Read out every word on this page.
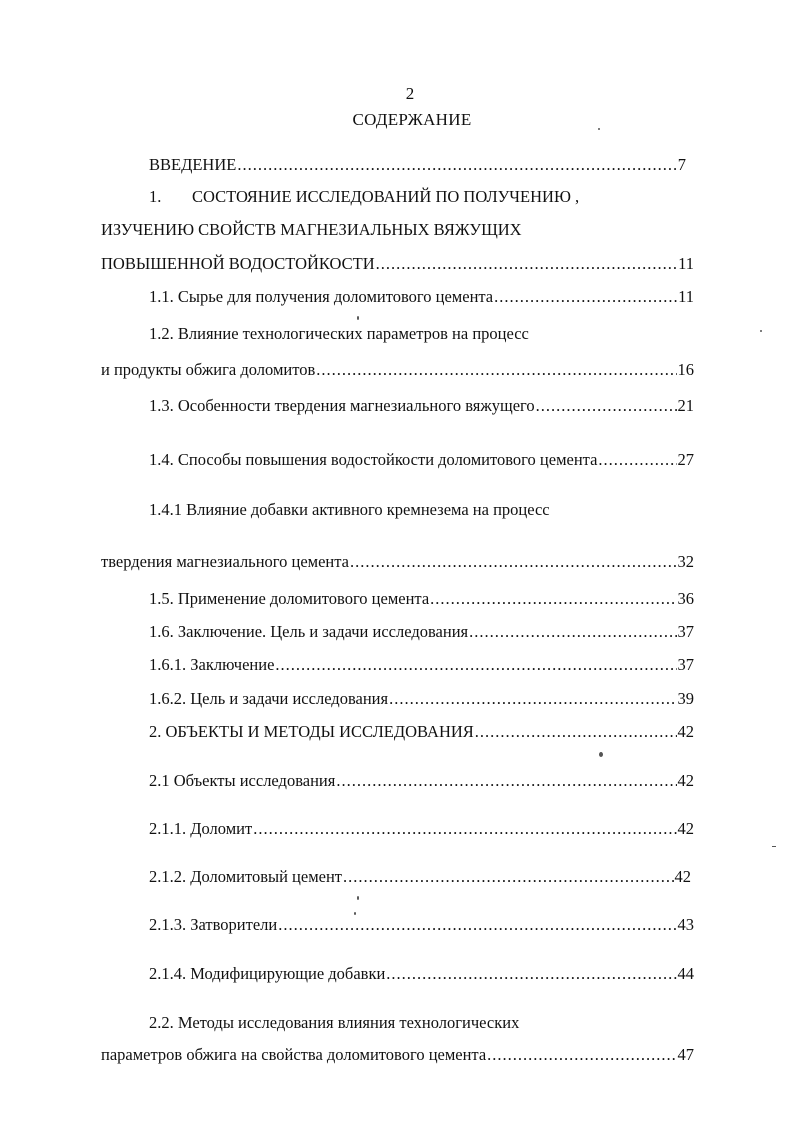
2
СОДЕРЖАНИЕ
ВВЕДЕНИЕ .....	7
1. СОСТОЯНИЕ ИССЛЕДОВАНИЙ ПО ПОЛУЧЕНИЮ ,
ИЗУЧЕНИЮ СВОЙСТВ МАГНЕЗИАЛЬНЫХ ВЯЖУЩИХ
ПОВЫШЕННОЙ ВОДОСТОЙКОСТИ .....	11
1.1. Сырье для получения доломитового цемента .....	11
1.2. Влияние технологических параметров на процесс
и продукты обжига доломитов .....	16
1.3. Особенности твердения магнезиального вяжущего .....	21
1.4. Способы повышения водостойкости доломитового цемента .....	27
1.4.1 Влияние добавки активного кремнезема на процесс
твердения магнезиального цемента .....	32
1.5. Применение доломитового цемента .....	36
1.6. Заключение. Цель и задачи исследования .....	37
1.6.1. Заключение .....	37
1.6.2. Цель и задачи исследования .....	39
2. ОБЪЕКТЫ И МЕТОДЫ ИССЛЕДОВАНИЯ .....	42
2.1 Объекты исследования .....	42
2.1.1. Доломит .....	42
2.1.2. Доломитовый цемент .....	42
2.1.3. Затворители .....	43
2.1.4. Модифицирующие добавки .....	44
2.2. Методы исследования влияния технологических
параметров обжига на свойства доломитового цемента .....	47
